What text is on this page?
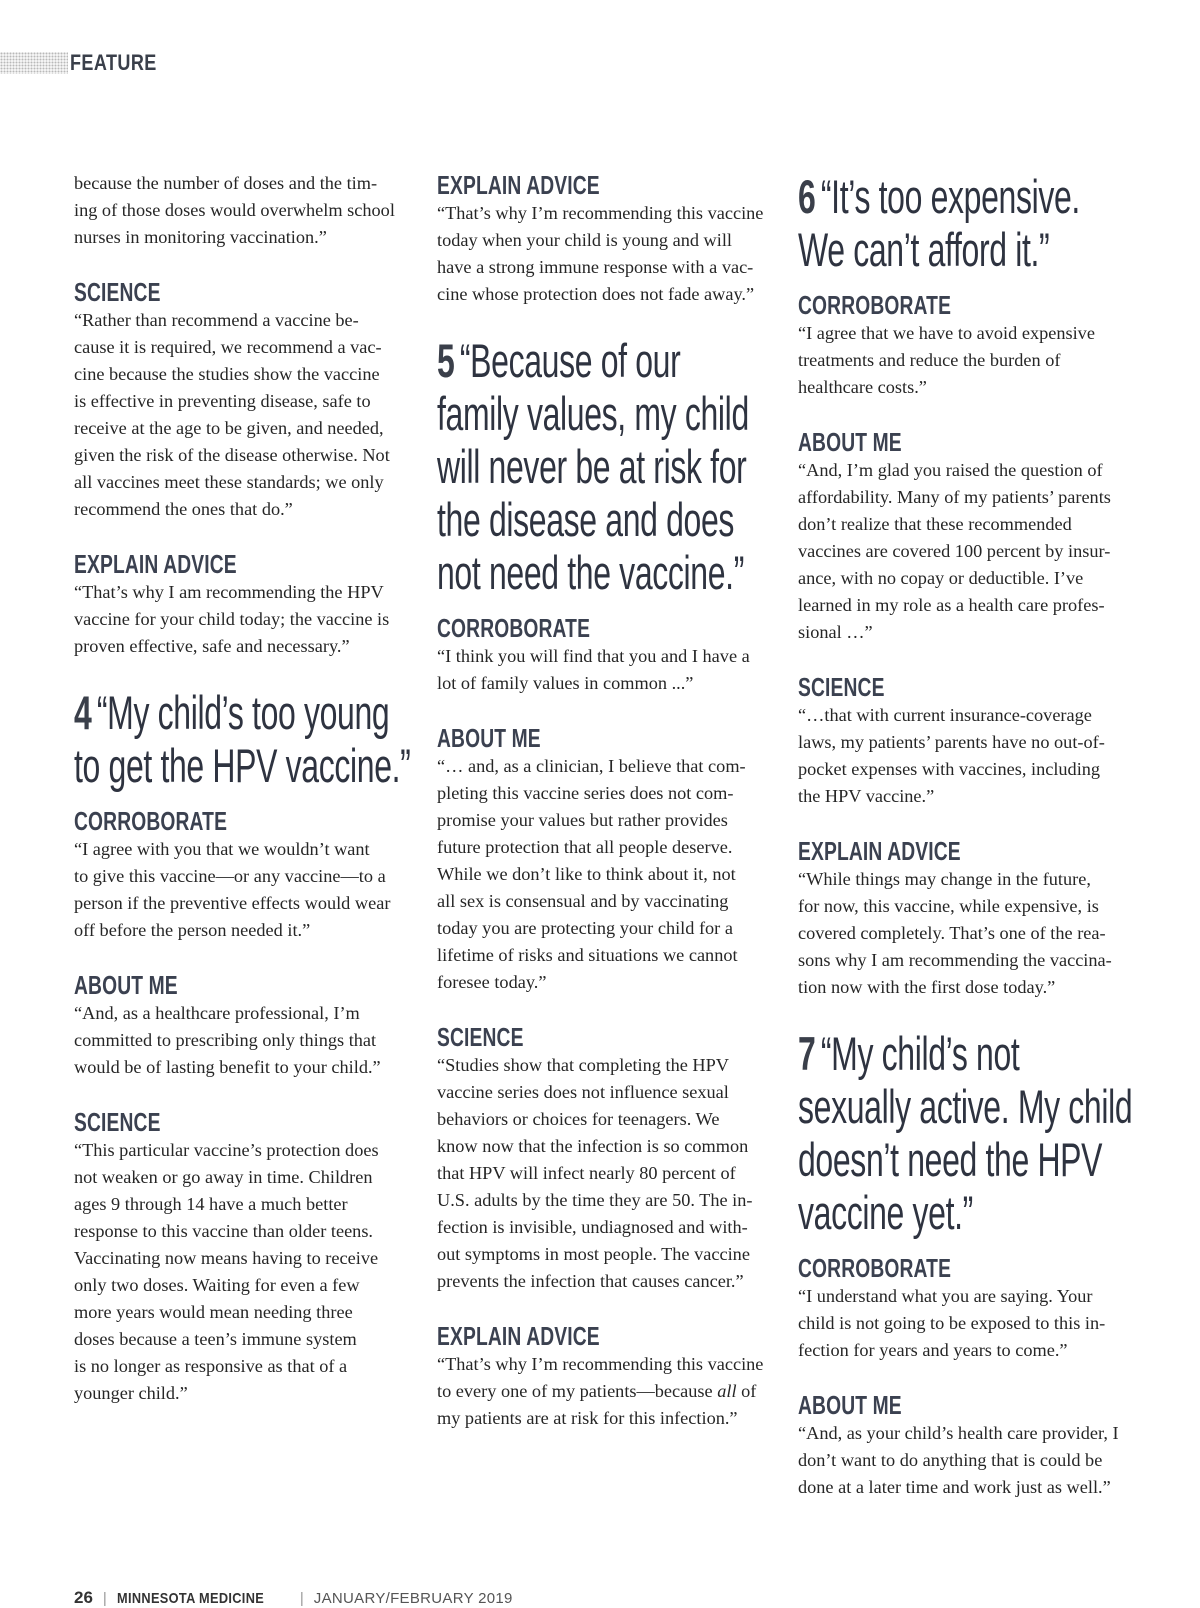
FEATURE

because the number of doses and the tim-
ing of those doses would overwhelm school
nurses in monitoring vaccination.”

SCIENCE

“Rather than recommend a vaccine be-
cause it is required, we recommend a vac-
cine because the studies show the vaccine
is effective in preventing disease, safe to
receive at the age to be given, and needed,
given the risk of the disease otherwise. Not
all vaccines meet these standards; we only
recommend the ones that do.”

EXPLAIN ADVICE

“That’s why I am recommending the HPV
vaccine for your child today; the vaccine is
proven effective, safe and necessary.”

4 “My child’s too young
to get the HPV vaccine.”

CORROBORATE

“I agree with you that we wouldn’t want
to give this vaccine—or any vaccine—to a
person if the preventive effects would wear
off before the person needed it.”

ABOUT ME

“And, as a healthcare professional, I’m
committed to prescribing only things that
would be of lasting benefit to your child.”

SCIENCE

“This particular vaccine’s protection does
not weaken or go away in time. Children
ages 9 through 14 have a much better
response to this vaccine than older teens.
Vaccinating now means having to receive
only two doses. Waiting for even a few
more years would mean needing three
doses because a teen’s immune system
is no longer as responsive as that of a
younger child.”

EXPLAIN ADVICE

“That’s why I’m recommending this vaccine
today when your child is young and will
have a strong immune response with a vac-
cine whose protection does not fade away.”

5 “Because of our
family values, my child
will never be at risk for
the disease and does
not need the vaccine.”

CORROBORATE

“I think you will find that you and I have a
lot of family values in common ...”

ABOUT ME

“… and, as a clinician, I believe that com-
pleting this vaccine series does not com-
promise your values but rather provides
future protection that all people deserve.
While we don’t like to think about it, not
all sex is consensual and by vaccinating
today you are protecting your child for a
lifetime of risks and situations we cannot
foresee today.”

SCIENCE

“Studies show that completing the HPV
vaccine series does not influence sexual
behaviors or choices for teenagers. We
know now that the infection is so common
that HPV will infect nearly 80 percent of
U.S. adults by the time they are 50. The in-
fection is invisible, undiagnosed and with-
out symptoms in most people. The vaccine
prevents the infection that causes cancer.”

EXPLAIN ADVICE

“That’s why I’m recommending this vaccine
to every one of my patients—because all of
my patients are at risk for this infection.”

6 “It’s too expensive.
We can’t afford it.”

CORROBORATE

“I agree that we have to avoid expensive
treatments and reduce the burden of
healthcare costs.”

ABOUT ME

“And, I’m glad you raised the question of
affordability. Many of my patients’ parents
don’t realize that these recommended
vaccines are covered 100 percent by insur-
ance, with no copay or deductible. I’ve
learned in my role as a health care profes-
sional …”

SCIENCE

“…that with current insurance-coverage
laws, my patients’ parents have no out-of-
pocket expenses with vaccines, including
the HPV vaccine.”

EXPLAIN ADVICE

“While things may change in the future,
for now, this vaccine, while expensive, is
covered completely. That’s one of the rea-
sons why I am recommending the vaccina-
tion now with the first dose today.”

7 “My child’s not
sexually active. My child
doesn’t need the HPV
vaccine yet.”

CORROBORATE

“I understand what you are saying. Your
child is not going to be exposed to this in-
fection for years and years to come.”

ABOUT ME

“And, as your child’s health care provider, I
don’t want to do anything that is could be
done at a later time and work just as well.”

26 | MINNESOTA MEDICINE | JANUARY/FEBRUARY 2019
